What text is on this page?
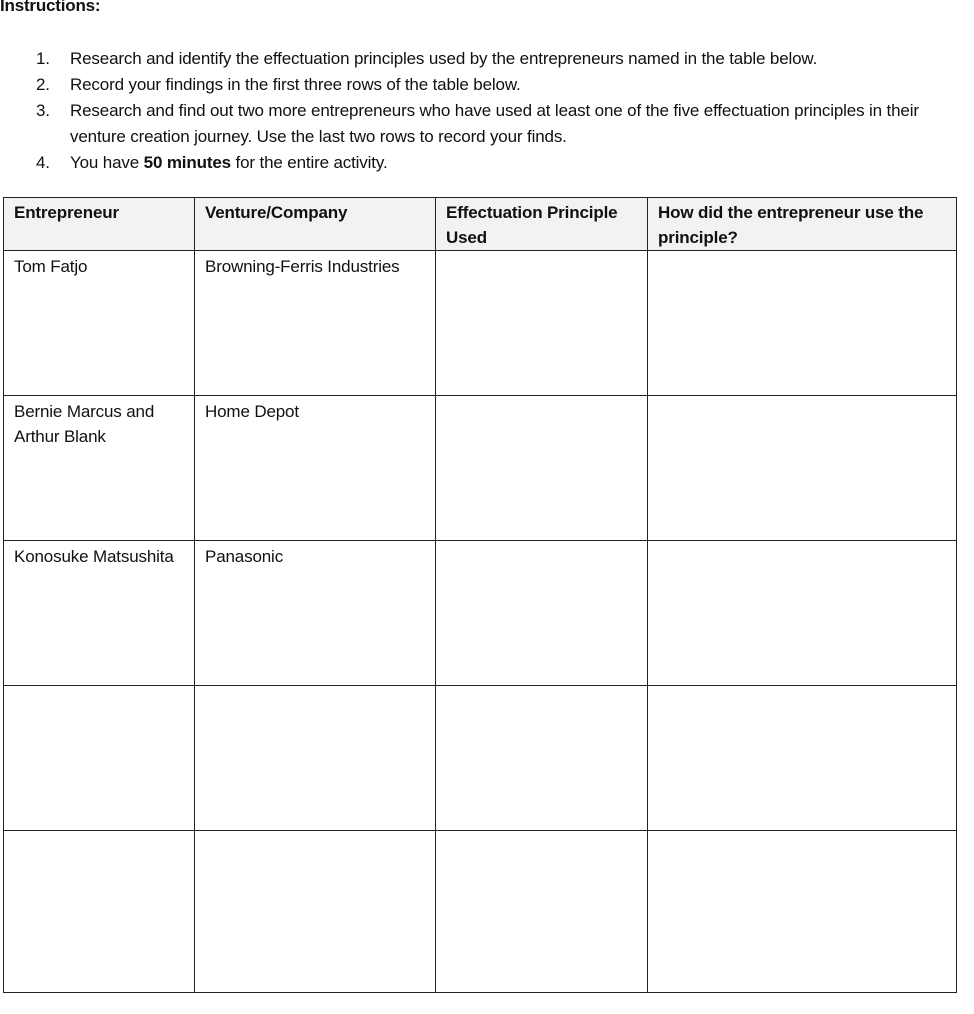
Instructions:
1.	Research and identify the effectuation principles used by the entrepreneurs named in the table below.
2.	Record your findings in the first three rows of the table below.
3.	Research and find out two more entrepreneurs who have used at least one of the five effectuation principles in their venture creation journey. Use the last two rows to record your finds.
4.	You have 50 minutes for the entire activity.
Entrepreneur	Venture/Company	Effectuation Principle Used	How did the entrepreneur use the principle?
Tom Fatjo	Browning-Ferris Industries		
Bernie Marcus and Arthur Blank	Home Depot		
Konosuke Matsushita	Panasonic		
